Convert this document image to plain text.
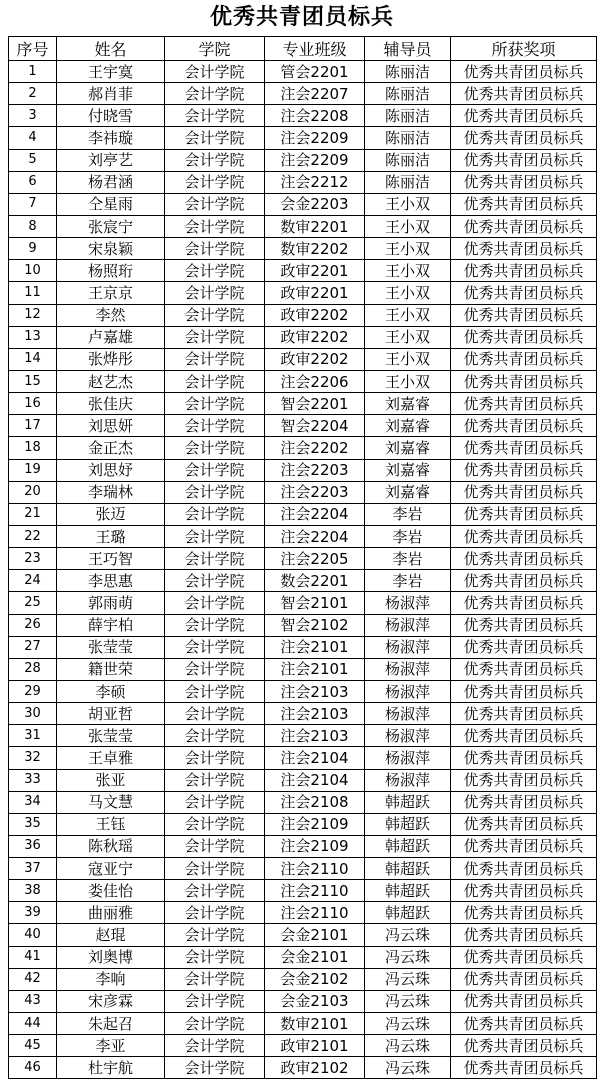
优秀共青团员标兵
序号	姓名	学院	专业班级	辅导员	所获奖项
1	王宇寞	会计学院	管会2201	陈丽洁	优秀共青团员标兵
2	郝肖菲	会计学院	注会2207	陈丽洁	优秀共青团员标兵
3	付晓雪	会计学院	注会2208	陈丽洁	优秀共青团员标兵
4	李祎璇	会计学院	注会2209	陈丽洁	优秀共青团员标兵
5	刘亭艺	会计学院	注会2209	陈丽洁	优秀共青团员标兵
6	杨君涵	会计学院	注会2212	陈丽洁	优秀共青团员标兵
7	仝星雨	会计学院	会金2203	王小双	优秀共青团员标兵
8	张宸宁	会计学院	数审2201	王小双	优秀共青团员标兵
9	宋泉颖	会计学院	数审2202	王小双	优秀共青团员标兵
10	杨照珩	会计学院	政审2201	王小双	优秀共青团员标兵
11	王京京	会计学院	政审2201	王小双	优秀共青团员标兵
12	李然	会计学院	政审2202	王小双	优秀共青团员标兵
13	卢嘉雄	会计学院	政审2202	王小双	优秀共青团员标兵
14	张烨彤	会计学院	政审2202	王小双	优秀共青团员标兵
15	赵艺杰	会计学院	注会2206	王小双	优秀共青团员标兵
16	张佳庆	会计学院	智会2201	刘嘉睿	优秀共青团员标兵
17	刘思妍	会计学院	智会2204	刘嘉睿	优秀共青团员标兵
18	金正杰	会计学院	注会2202	刘嘉睿	优秀共青团员标兵
19	刘思妤	会计学院	注会2203	刘嘉睿	优秀共青团员标兵
20	李瑞林	会计学院	注会2203	刘嘉睿	优秀共青团员标兵
21	张迈	会计学院	注会2204	李岩	优秀共青团员标兵
22	王璐	会计学院	注会2204	李岩	优秀共青团员标兵
23	王巧智	会计学院	注会2205	李岩	优秀共青团员标兵
24	李思惠	会计学院	数会2201	李岩	优秀共青团员标兵
25	郭雨萌	会计学院	智会2101	杨淑萍	优秀共青团员标兵
26	薛宇柏	会计学院	智会2102	杨淑萍	优秀共青团员标兵
27	张莹莹	会计学院	注会2101	杨淑萍	优秀共青团员标兵
28	籍世荣	会计学院	注会2101	杨淑萍	优秀共青团员标兵
29	李硕	会计学院	注会2103	杨淑萍	优秀共青团员标兵
30	胡亚哲	会计学院	注会2103	杨淑萍	优秀共青团员标兵
31	张莹莹	会计学院	注会2103	杨淑萍	优秀共青团员标兵
32	王卓雅	会计学院	注会2104	杨淑萍	优秀共青团员标兵
33	张亚	会计学院	注会2104	杨淑萍	优秀共青团员标兵
34	马文慧	会计学院	注会2108	韩超跃	优秀共青团员标兵
35	王钰	会计学院	注会2109	韩超跃	优秀共青团员标兵
36	陈秋瑶	会计学院	注会2109	韩超跃	优秀共青团员标兵
37	寇亚宁	会计学院	注会2110	韩超跃	优秀共青团员标兵
38	娄佳怡	会计学院	注会2110	韩超跃	优秀共青团员标兵
39	曲丽雅	会计学院	注会2110	韩超跃	优秀共青团员标兵
40	赵琨	会计学院	会金2101	冯云珠	优秀共青团员标兵
41	刘奥博	会计学院	会金2101	冯云珠	优秀共青团员标兵
42	李响	会计学院	会金2102	冯云珠	优秀共青团员标兵
43	宋彦霖	会计学院	会金2103	冯云珠	优秀共青团员标兵
44	朱起召	会计学院	数审2101	冯云珠	优秀共青团员标兵
45	李亚	会计学院	政审2101	冯云珠	优秀共青团员标兵
46	杜宇航	会计学院	政审2102	冯云珠	优秀共青团员标兵
